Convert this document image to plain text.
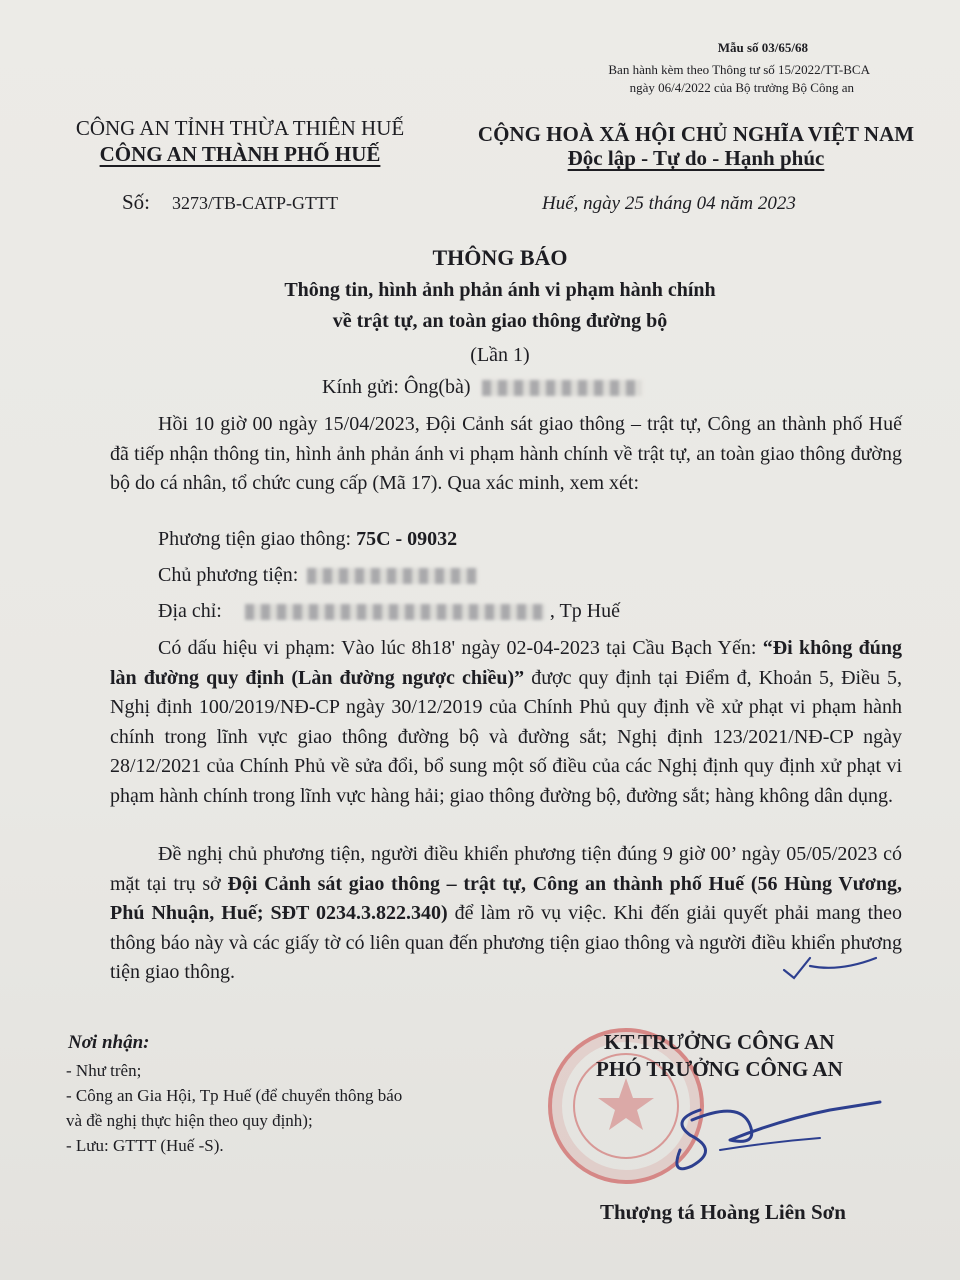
Mẫu số 03/65/68
Ban hành kèm theo Thông tư số 15/2022/TT-BCA
ngày 06/4/2022 của Bộ trưởng Bộ Công an
CÔNG AN TỈNH THỪA THIÊN HUẾ
CÔNG AN THÀNH PHỐ HUẾ
Số: 3273/TB-CATP-GTTT
CỘNG HOÀ XÃ HỘI CHỦ NGHĨA VIỆT NAM
Độc lập - Tự do - Hạnh phúc
Huế, ngày 25 tháng 04 năm 2023
THÔNG BÁO
Thông tin, hình ảnh phản ánh vi phạm hành chính
về trật tự, an toàn giao thông đường bộ
(Lần 1)
Kính gửi: Ông(bà)
Hồi 10 giờ 00 ngày 15/04/2023, Đội Cảnh sát giao thông – trật tự, Công an thành phố Huế đã tiếp nhận thông tin, hình ảnh phản ánh vi phạm hành chính về trật tự, an toàn giao thông đường bộ do cá nhân, tổ chức cung cấp (Mã 17). Qua xác minh, xem xét:
Phương tiện giao thông: 75C - 09032
Chủ phương tiện:
Địa chỉ:	, Tp Huế
Có dấu hiệu vi phạm: Vào lúc 8h18' ngày 02-04-2023 tại Cầu Bạch Yến: “Đi không đúng làn đường quy định (Làn đường ngược chiều)” được quy định tại Điểm đ, Khoản 5, Điều 5, Nghị định 100/2019/NĐ-CP ngày 30/12/2019 của Chính Phủ quy định về xử phạt vi phạm hành chính trong lĩnh vực giao thông đường bộ và đường sắt; Nghị định 123/2021/NĐ-CP ngày 28/12/2021 của Chính Phủ về sửa đổi, bổ sung một số điều của các Nghị định quy định xử phạt vi phạm hành chính trong lĩnh vực hàng hải; giao thông đường bộ, đường sắt; hàng không dân dụng.
Đề nghị chủ phương tiện, người điều khiển phương tiện đúng 9 giờ 00’ ngày 05/05/2023 có mặt tại trụ sở Đội Cảnh sát giao thông – trật tự, Công an thành phố Huế (56 Hùng Vương, Phú Nhuận, Huế; SĐT 0234.3.822.340) để làm rõ vụ việc. Khi đến giải quyết phải mang theo thông báo này và các giấy tờ có liên quan đến phương tiện giao thông và người điều khiển phương tiện giao thông.
Nơi nhận:
- Như trên;
- Công an Gia Hội, Tp Huế (để chuyển thông báo
và đề nghị thực hiện theo quy định);
- Lưu: GTTT (Huế -S).
KT.TRƯỞNG CÔNG AN
PHÓ TRƯỞNG CÔNG AN
Thượng tá Hoàng Liên Sơn
